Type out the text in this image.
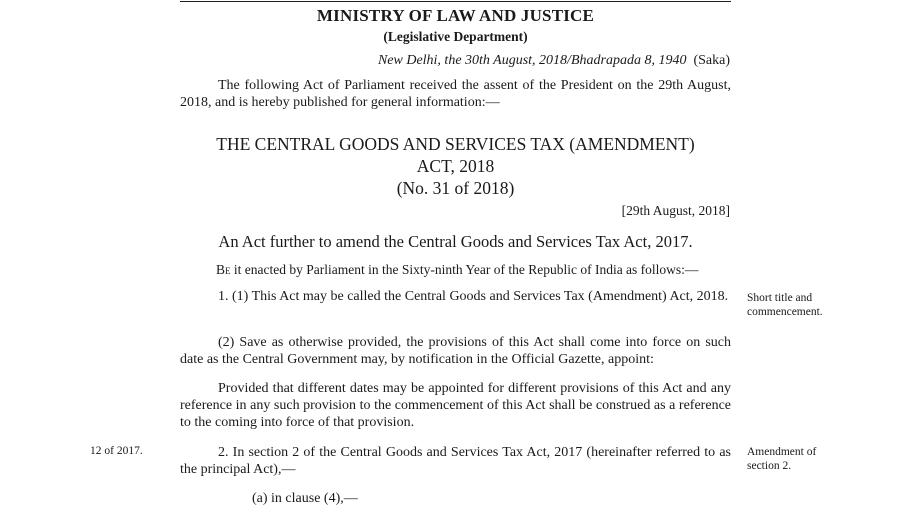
MINISTRY OF LAW AND JUSTICE
(Legislative Department)
New Delhi, the 30th August, 2018/Bhadrapada 8, 1940 (Saka)
The following Act of Parliament received the assent of the President on the 29th August, 2018, and is hereby published for general information:—
THE CENTRAL GOODS AND SERVICES TAX (AMENDMENT)
ACT, 2018
(No. 31 of 2018)
[29th August, 2018]
An Act further to amend the Central Goods and Services Tax Act, 2017.
Be it enacted by Parliament in the Sixty-ninth Year of the Republic of India as follows:—
1. (1) This Act may be called the Central Goods and Services Tax (Amendment) Act, 2018. Short title and commencement.
(2) Save as otherwise provided, the provisions of this Act shall come into force on such date as the Central Government may, by notification in the Official Gazette, appoint:
Provided that different dates may be appointed for different provisions of this Act and any reference in any such provision to the commencement of this Act shall be construed as a reference to the coming into force of that provision.
12 of 2017.	2. In section 2 of the Central Goods and Services Tax Act, 2017 (hereinafter referred to as the principal Act),—
Amendment of section 2.
(a) in clause (4),—
